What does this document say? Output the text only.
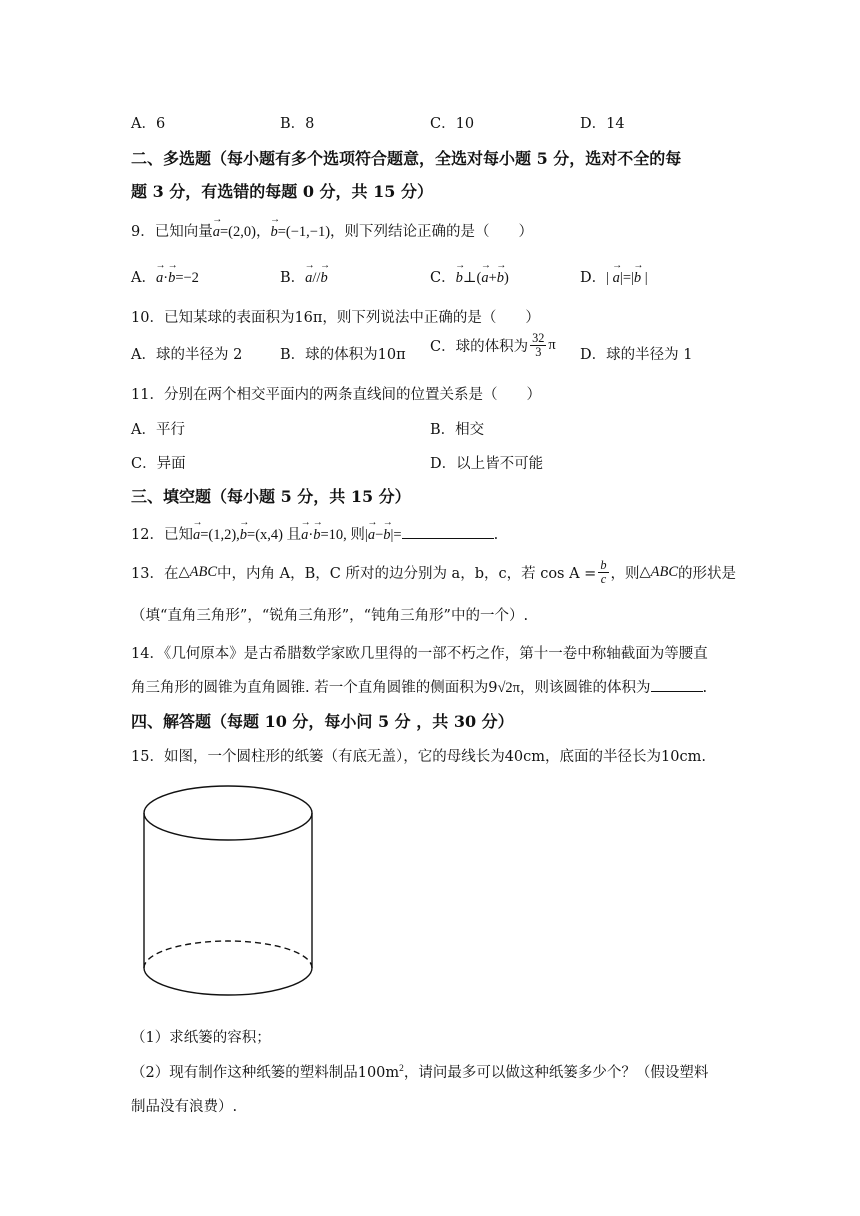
A．6	B．8	C．10	D．14
二、多选题（每小题有多个选项符合题意，全选对每小题 5 分，选对不全的每
题 3 分，有选错的每题 0 分，共 15 分）
9．已知向量→ a=(2,0)，→ b=(−1,−1)，则下列结论正确的是（　　）
A．→ a·→ b=−2	B．→ a//→ b	C．→ b⊥(→ a+→ b)	D．| → a|=|→ b |
10．已知某球的表面积为16π，则下列说法中正确的是（　　）
A．球的半径为 2	B．球的体积为10π
C．球的体积为 $\frac{32}{3}$ π
D．球的半径为 1
11．分别在两个相交平面内的两条直线间的位置关系是（　　）
A．平行	B．相交
C．异面	D．以上皆不可能
三、填空题（每小题 5 分，共 15 分）
12．已知→ a=(1,2),→ b=(x,4) 且→ a·→ b=10, 则|→ a−→ b|=	.
13．在△ABC中，内角 A，B，C 所对的边分别为 a，b，c，若 $\cos A = \frac{b}{c}$ ，则△ABC的形状是
（填“直角三角形”，“锐角三角形”，“钝角三角形”中的一个）.
14．《几何原本》是古希腊数学家欧几里得的一部不朽之作，第十一卷中称轴截面为等腰直
角三角形的圆锥为直角圆锥. 若一个直角圆锥的侧面积为9√2π，则该圆锥的体积为	.
四、解答题（每题 10 分，每小问 5 分 ，共 30 分）
15．如图，一个圆柱形的纸篓（有底无盖），它的母线长为40cm，底面的半径长为10cm.
（1）求纸篓的容积；
（2）现有制作这种纸篓的塑料制品$100m^2$，请问最多可以做这种纸篓多少个？（假设塑料
制品没有浪费）.
